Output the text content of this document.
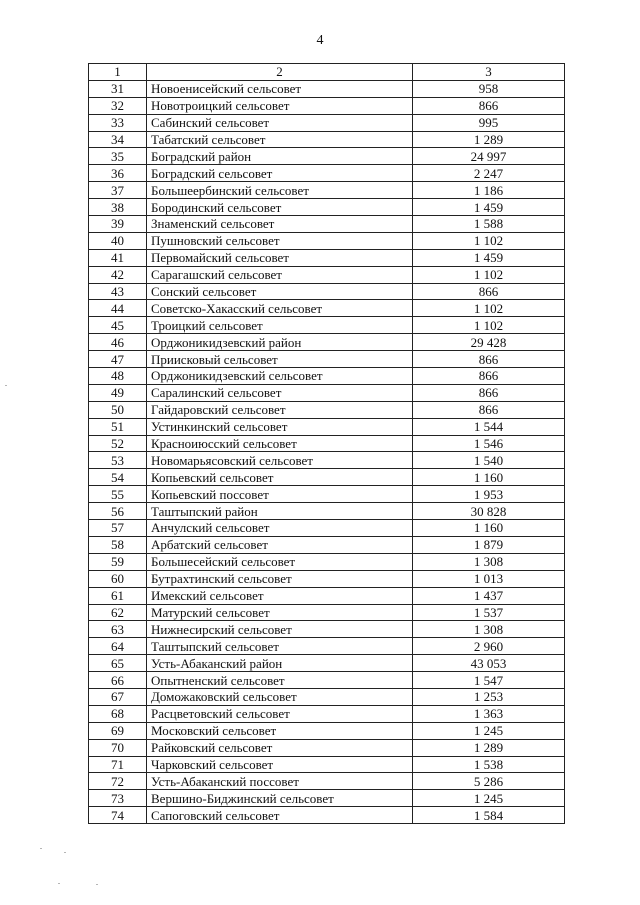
4
1	2	3
31	Новоенисейский сельсовет	958
32	Новотроицкий сельсовет	866
33	Сабинский сельсовет	995
34	Табатский сельсовет	1 289
35	Боградский район	24 997
36	Боградский сельсовет	2 247
37	Большеербинский сельсовет	1 186
38	Бородинский сельсовет	1 459
39	Знаменский сельсовет	1 588
40	Пушновский сельсовет	1 102
41	Первомайский сельсовет	1 459
42	Сарагашский сельсовет	1 102
43	Сонский сельсовет	866
44	Советско-Хакасский сельсовет	1 102
45	Троицкий сельсовет	1 102
46	Орджоникидзевский район	29 428
47	Приисковый сельсовет	866
48	Орджоникидзевский сельсовет	866
49	Саралинский сельсовет	866
50	Гайдаровский сельсовет	866
51	Устинкинский сельсовет	1 544
52	Красноиюсский сельсовет	1 546
53	Новомарьясовский сельсовет	1 540
54	Копьевский сельсовет	1 160
55	Копьевский поссовет	1 953
56	Таштыпский район	30 828
57	Анчулский сельсовет	1 160
58	Арбатский сельсовет	1 879
59	Большесейский сельсовет	1 308
60	Бутрахтинский сельсовет	1 013
61	Имекский сельсовет	1 437
62	Матурский сельсовет	1 537
63	Нижнесирский сельсовет	1 308
64	Таштыпский сельсовет	2 960
65	Усть-Абаканский район	43 053
66	Опытненский сельсовет	1 547
67	Доможаковский сельсовет	1 253
68	Расцветовский сельсовет	1 363
69	Московский сельсовет	1 245
70	Райковский сельсовет	1 289
71	Чарковский сельсовет	1 538
72	Усть-Абаканский поссовет	5 286
73	Вершино-Биджинский сельсовет	1 245
74	Сапоговский сельсовет	1 584
